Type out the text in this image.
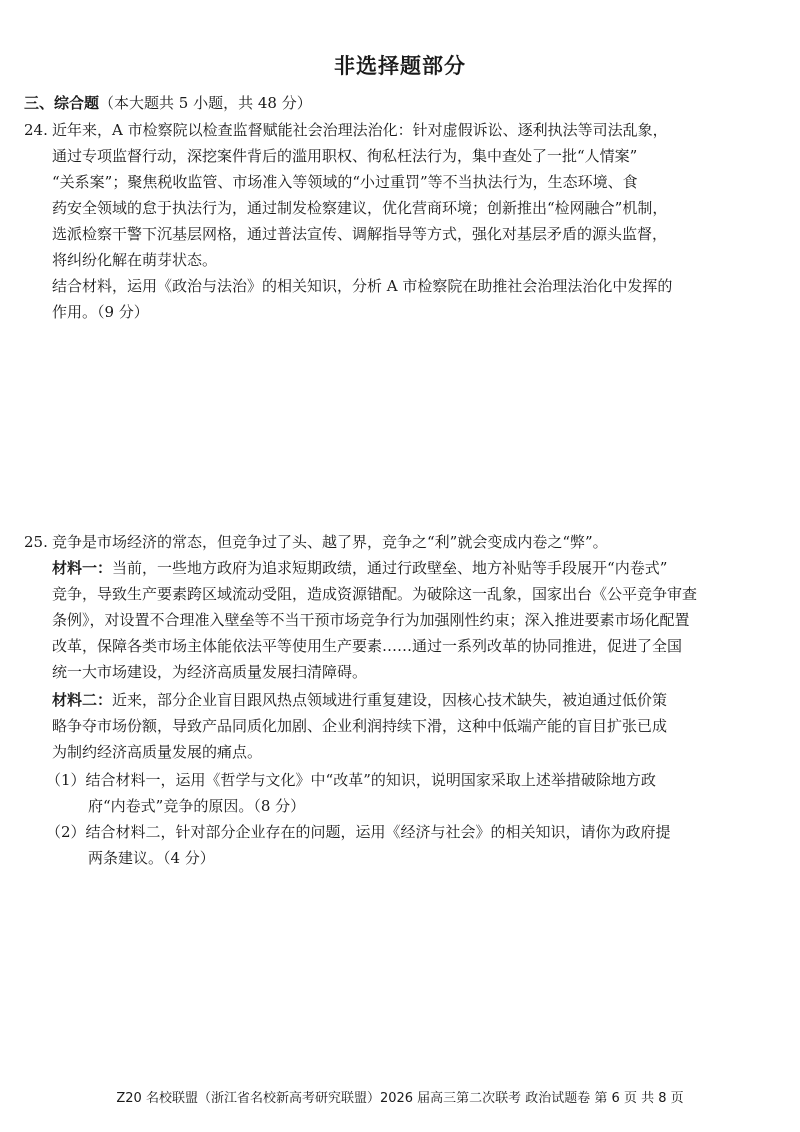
非选择题部分
三、综合题（本大题共 5 小题，共 48 分）
24. 近年来，A 市检察院以检查监督赋能社会治理法治化：针对虚假诉讼、逐利执法等司法乱象，
通过专项监督行动，深挖案件背后的滥用职权、徇私枉法行为，集中查处了一批“人情案”
“关系案”；聚焦税收监管、市场准入等领域的“小过重罚”等不当执法行为，生态环境、食
药安全领域的怠于执法行为，通过制发检察建议，优化营商环境；创新推出“检网融合”机制，
选派检察干警下沉基层网格，通过普法宣传、调解指导等方式，强化对基层矛盾的源头监督，
将纠纷化解在萌芽状态。
结合材料，运用《政治与法治》的相关知识，分析 A 市检察院在助推社会治理法治化中发挥的
作用。（9 分）
25. 竞争是市场经济的常态，但竞争过了头、越了界，竞争之“利”就会变成内卷之“弊”。
材料一：当前，一些地方政府为追求短期政绩，通过行政壁垒、地方补贴等手段展开“内卷式”
竞争，导致生产要素跨区域流动受阻，造成资源错配。为破除这一乱象，国家出台《公平竞争审查
条例》，对设置不合理准入壁垒等不当干预市场竞争行为加强刚性约束；深入推进要素市场化配置
改革，保障各类市场主体能依法平等使用生产要素……通过一系列改革的协同推进，促进了全国
统一大市场建设，为经济高质量发展扫清障碍。
材料二：近来，部分企业盲目跟风热点领域进行重复建设，因核心技术缺失，被迫通过低价策
略争夺市场份额，导致产品同质化加剧、企业利润持续下滑，这种中低端产能的盲目扩张已成
为制约经济高质量发展的痛点。
（1）结合材料一，运用《哲学与文化》中“改革”的知识，说明国家采取上述举措破除地方政
府“内卷式”竞争的原因。（8 分）
（2）结合材料二，针对部分企业存在的问题，运用《经济与社会》的相关知识，请你为政府提
两条建议。（4 分）
Z20 名校联盟（浙江省名校新高考研究联盟）2026 届高三第二次联考 政治试题卷 第 6 页 共 8 页
